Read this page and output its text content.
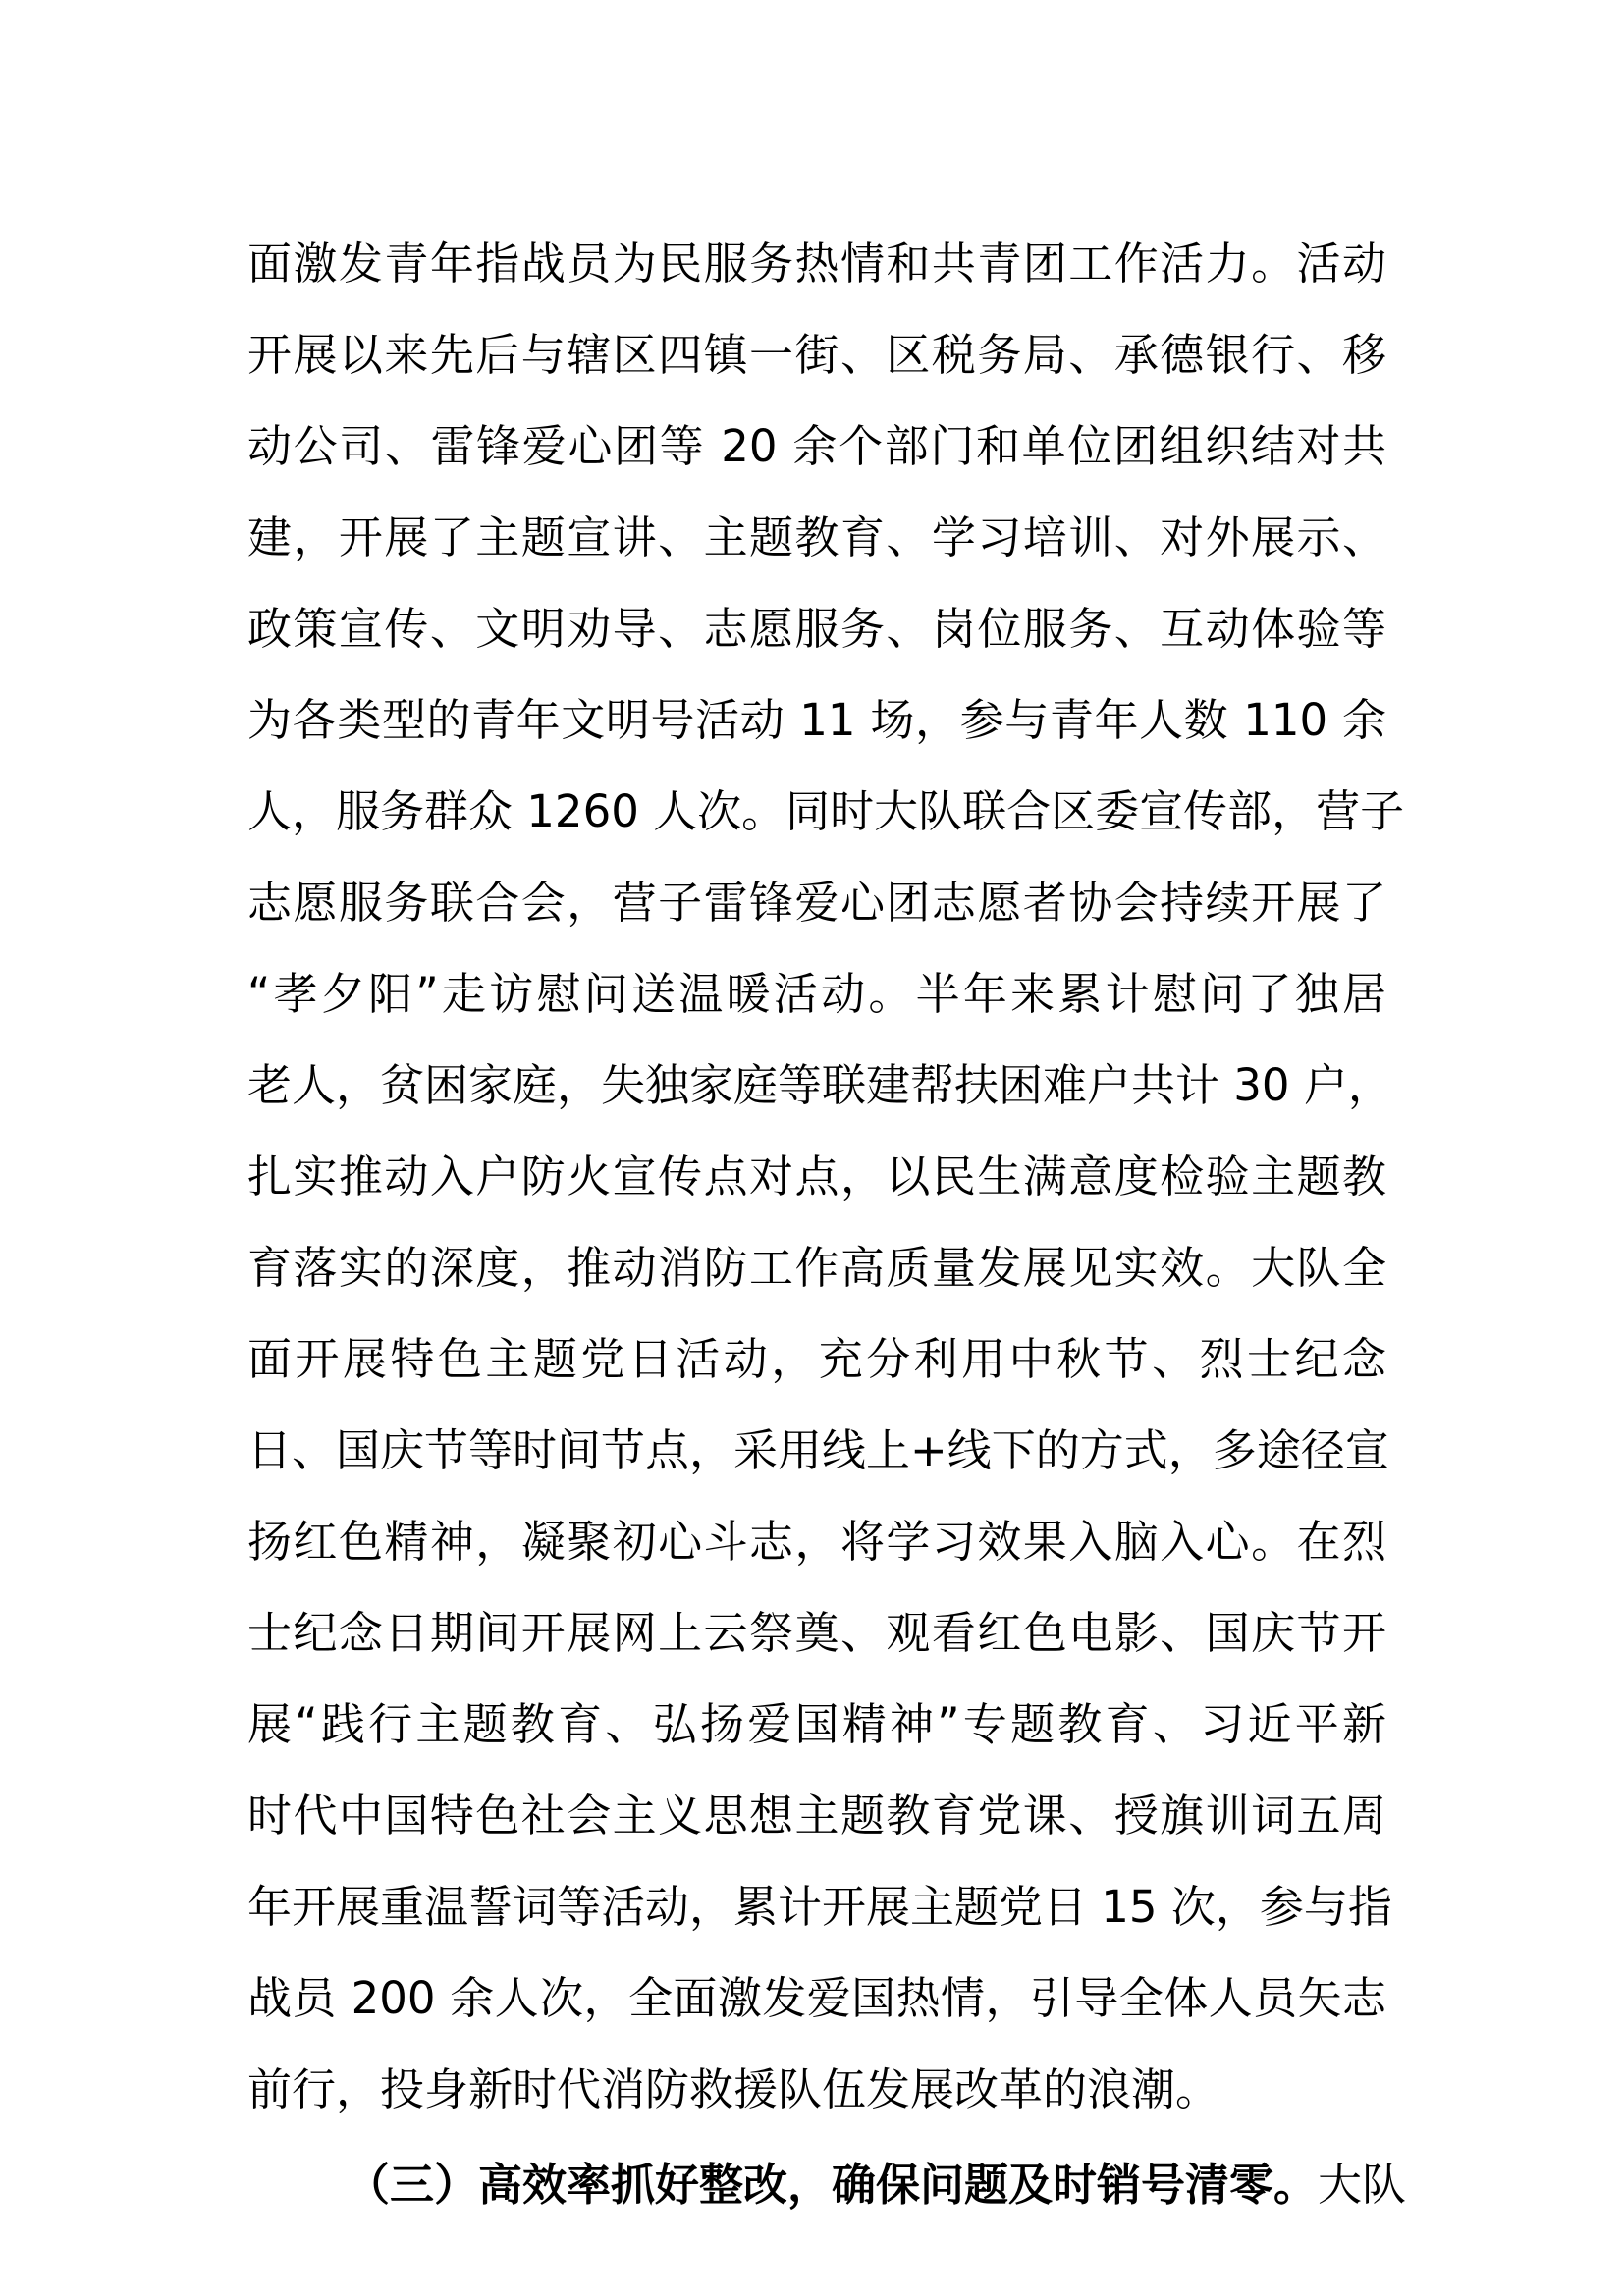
面激发青年指战员为民服务热情和共青团工作活力。活动
开展以来先后与辖区四镇一街、区税务局、承德银行、移
动公司、雷锋爱心团等 20 余个部门和单位团组织结对共
建，开展了主题宣讲、主题教育、学习培训、对外展示、
政策宣传、文明劝导、志愿服务、岗位服务、互动体验等
为各类型的青年文明号活动 11 场，参与青年人数 110 余
人，服务群众 1260 人次。同时大队联合区委宣传部，营子
志愿服务联合会，营子雷锋爱心团志愿者协会持续开展了
“孝夕阳”走访慰问送温暖活动。半年来累计慰问了独居
老人，贫困家庭，失独家庭等联建帮扶困难户共计 30 户，
扎实推动入户防火宣传点对点，以民生满意度检验主题教
育落实的深度，推动消防工作高质量发展见实效。大队全
面开展特色主题党日活动，充分利用中秋节、烈士纪念
日、国庆节等时间节点，采用线上+线下的方式，多途径宣
扬红色精神，凝聚初心斗志，将学习效果入脑入心。在烈
士纪念日期间开展网上云祭奠、观看红色电影、国庆节开
展“践行主题教育、弘扬爱国精神”专题教育、习近平新
时代中国特色社会主义思想主题教育党课、授旗训词五周
年开展重温誓词等活动，累计开展主题党日 15 次，参与指
战员 200 余人次，全面激发爱国热情，引导全体人员矢志
前行，投身新时代消防救援队伍发展改革的浪潮。
（三）高效率抓好整改，确保问题及时销号清零。大队
